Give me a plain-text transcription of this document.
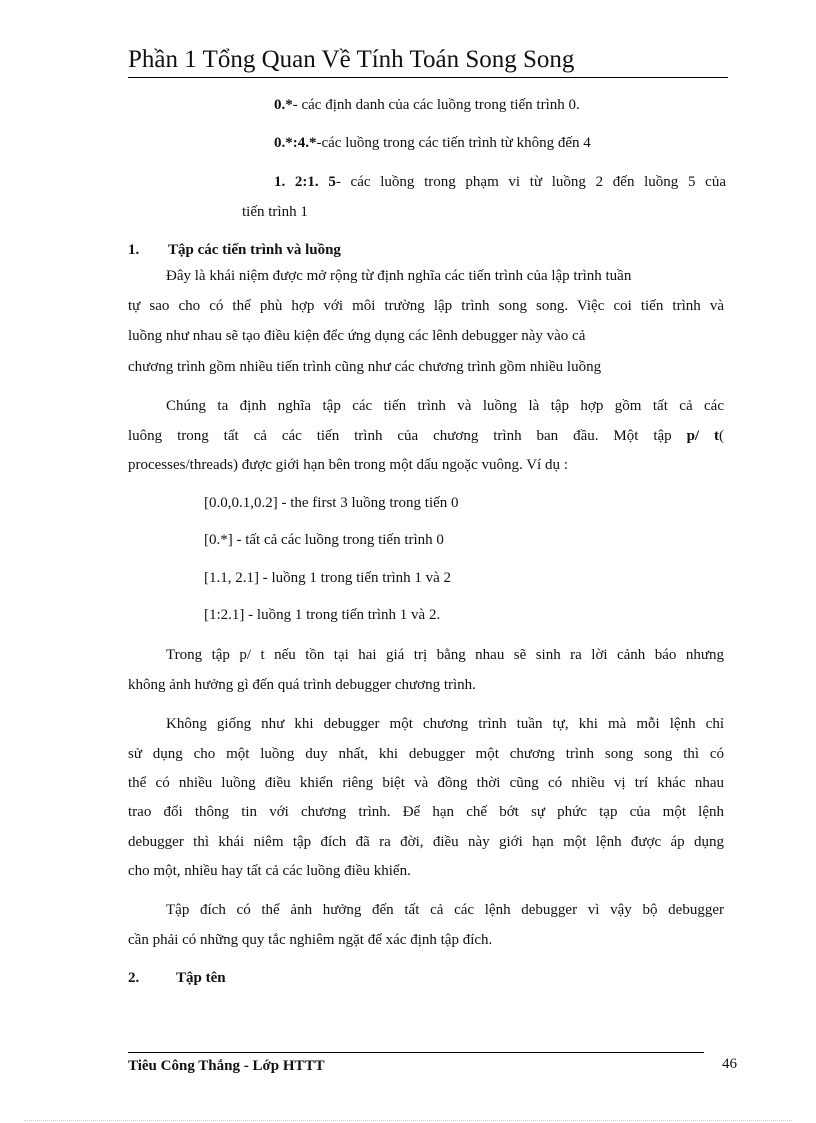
Phần 1 Tổng Quan Về Tính Toán Song Song
0.*- các định danh của các luồng trong tiến trình 0.
0.*:4.*-các luồng trong các tiến trình từ không đến 4
1. 2:1. 5- các luồng trong phạm vi từ luồng 2 đến luồng 5 của
tiến trình 1
1. Tập các tiến trình và luồng
Đây là khái niệm được mở rộng từ định nghĩa các tiến trình của lập trình tuần
tự sao cho có thể phù hợp với môi trường lập trình song song. Việc coi tiến trình và
luồng như nhau sẽ tạo điều kiện đểc ứng dụng các lênh debugger này vào cả
chương trình gồm nhiều tiến trình cũng như các chương trình gồm nhiều luồng
Chúng ta định nghĩa tập các tiến trình và luồng là tập hợp gồm tất cả các
luông trong tất cả các tiến trình của chương trình ban đầu. Một tập p/ t(
processes/threads) được giới hạn bên trong một dấu ngoặc vuông. Ví dụ :
[0.0,0.1,0.2] - the first 3 luồng trong tiến 0
[0.*] - tất cả các luồng trong tiến trình 0
[1.1, 2.1] - luồng 1 trong tiến trình 1 và 2
[1:2.1] - luồng 1 trong tiến trình 1 và 2.
Trong tập p/ t nếu tồn tại hai giá trị bằng nhau sẽ sinh ra lời cảnh báo nhưng
không ảnh hưởng gì đến quá trình debugger chương trình.
Không giống như khi debugger một chương trình tuần tự, khi mà mỗi lệnh chỉ
sử dụng cho một luồng duy nhất, khi debugger một chương trình song song thì có
thể có nhiều luồng điều khiển riêng biệt và đồng thời cũng có nhiều vị trí khác nhau
trao đổi thông tin với chương trình. Để hạn chế bớt sự phức tạp của một lệnh
debugger thì khái niêm tập đích đã ra đời, điều này giới hạn một lệnh được áp dụng
cho một, nhiều hay tất cả các luồng điều khiển.
Tập đích có thể ảnh hưởng đến tất cả các lệnh debugger vì vậy bộ debugger
cần phải có những quy tắc nghiêm ngặt để xác định tập đích.
2. Tập tên
Tiêu Công Thắng - Lớp HTTT	46
